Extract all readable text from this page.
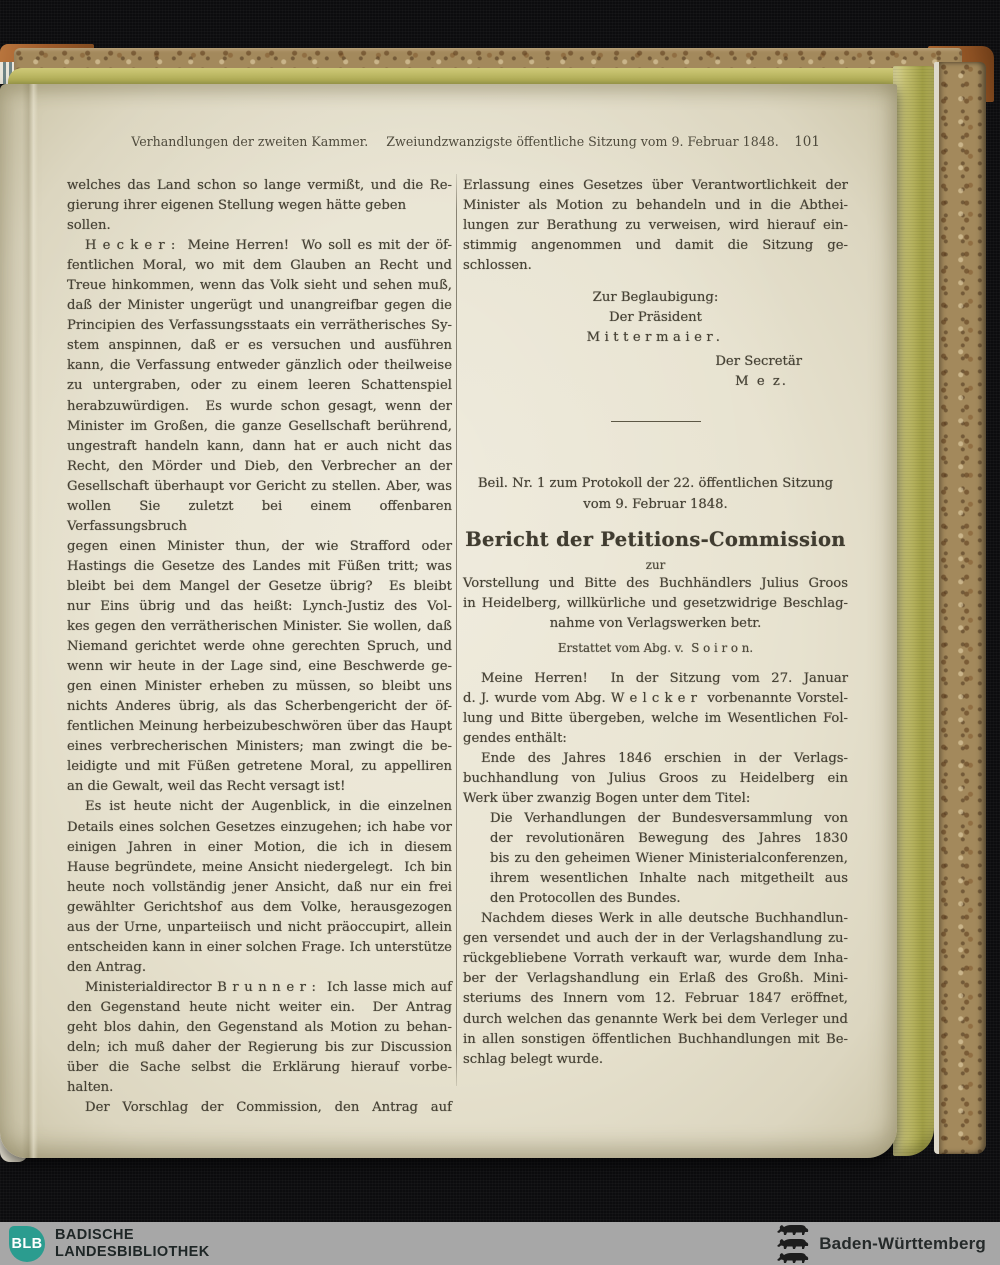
Verhandlungen der zweiten Kammer. Zweiundzwanzigste öffentliche Sitzung vom 9. Februar 1848. 101
welches das Land schon so lange vermißt, und die Re-
gierung ihrer eigenen Stellung wegen hätte geben sollen.
H e c k e r :  Meine Herren!  Wo soll es mit der öf-
fentlichen Moral, wo mit dem Glauben an Recht und
Treue hinkommen, wenn das Volk sieht und sehen muß,
daß der Minister ungerügt und unangreifbar gegen die
Principien des Verfassungsstaats ein verrätherisches Sy-
stem anspinnen, daß er es versuchen und ausführen
kann, die Verfassung entweder gänzlich oder theilweise
zu untergraben, oder zu einem leeren Schattenspiel
herabzuwürdigen.  Es wurde schon gesagt, wenn der
Minister im Großen, die ganze Gesellschaft berührend,
ungestraft handeln kann, dann hat er auch nicht das
Recht, den Mörder und Dieb, den Verbrecher an der
Gesellschaft überhaupt vor Gericht zu stellen. Aber, was
wollen Sie zuletzt bei einem offenbaren Verfassungsbruch
gegen einen Minister thun, der wie Strafford oder
Hastings die Gesetze des Landes mit Füßen tritt; was
bleibt bei dem Mangel der Gesetze übrig?  Es bleibt
nur Eins übrig und das heißt: Lynch-Justiz des Vol-
kes gegen den verrätherischen Minister. Sie wollen, daß
Niemand gerichtet werde ohne gerechten Spruch, und
wenn wir heute in der Lage sind, eine Beschwerde ge-
gen einen Minister erheben zu müssen, so bleibt uns
nichts Anderes übrig, als das Scherbengericht der öf-
fentlichen Meinung herbeizubeschwören über das Haupt
eines verbrecherischen Ministers; man zwingt die be-
leidigte und mit Füßen getretene Moral, zu appelliren
an die Gewalt, weil das Recht versagt ist!
Es ist heute nicht der Augenblick, in die einzelnen
Details eines solchen Gesetzes einzugehen; ich habe vor
einigen Jahren in einer Motion, die ich in diesem
Hause begründete, meine Ansicht niedergelegt.  Ich bin
heute noch vollständig jener Ansicht, daß nur ein frei
gewählter Gerichtshof aus dem Volke, herausgezogen
aus der Urne, unparteiisch und nicht präoccupirt, allein
entscheiden kann in einer solchen Frage. Ich unterstütze
den Antrag.
Ministerialdirector B r u n n e r :  Ich lasse mich auf
den Gegenstand heute nicht weiter ein.  Der Antrag
geht blos dahin, den Gegenstand als Motion zu behan-
deln; ich muß daher der Regierung bis zur Discussion
über die Sache selbst die Erklärung hierauf vorbe-
halten.
Der Vorschlag der Commission, den Antrag auf
Erlassung eines Gesetzes über Verantwortlichkeit der
Minister als Motion zu behandeln und in die Abthei-
lungen zur Berathung zu verweisen, wird hierauf ein-
stimmig angenommen und damit die Sitzung ge-
schlossen.
Zur Beglaubigung:
Der Präsident
Mittermaier.
Der Secretär
M e z.
Beil. Nr. 1 zum Protokoll der 22. öffentlichen Sitzung
vom 9. Februar 1848.
Bericht der Petitions-Commission
zur
Vorstellung und Bitte des Buchhändlers Julius Groos
in Heidelberg, willkürliche und gesetzwidrige Beschlag-
nahme von Verlagswerken betr.
Erstattet vom Abg. v.  S o i r o n.
Meine Herren!  In der Sitzung vom 27. Januar
d. J. wurde vom Abg. W e l c k e r  vorbenannte Vorstel-
lung und Bitte übergeben, welche im Wesentlichen Fol-
gendes enthält:
Ende des Jahres 1846 erschien in der Verlags-
buchhandlung von Julius Groos zu Heidelberg ein
Werk über zwanzig Bogen unter dem Titel:
Die Verhandlungen der Bundesversammlung von
der revolutionären Bewegung des Jahres 1830
bis zu den geheimen Wiener Ministerialconferenzen,
ihrem wesentlichen Inhalte nach mitgetheilt aus
den Protocollen des Bundes.
Nachdem dieses Werk in alle deutsche Buchhandlun-
gen versendet und auch der in der Verlagshandlung zu-
rückgebliebene Vorrath verkauft war, wurde dem Inha-
ber der Verlagshandlung ein Erlaß des Großh. Mini-
steriums des Innern vom 12. Februar 1847 eröffnet,
durch welchen das genannte Werk bei dem Verleger und
in allen sonstigen öffentlichen Buchhandlungen mit Be-
schlag belegt wurde.
BLB
BADISCHE
LANDESBIBLIOTHEK	Baden-Württemberg
